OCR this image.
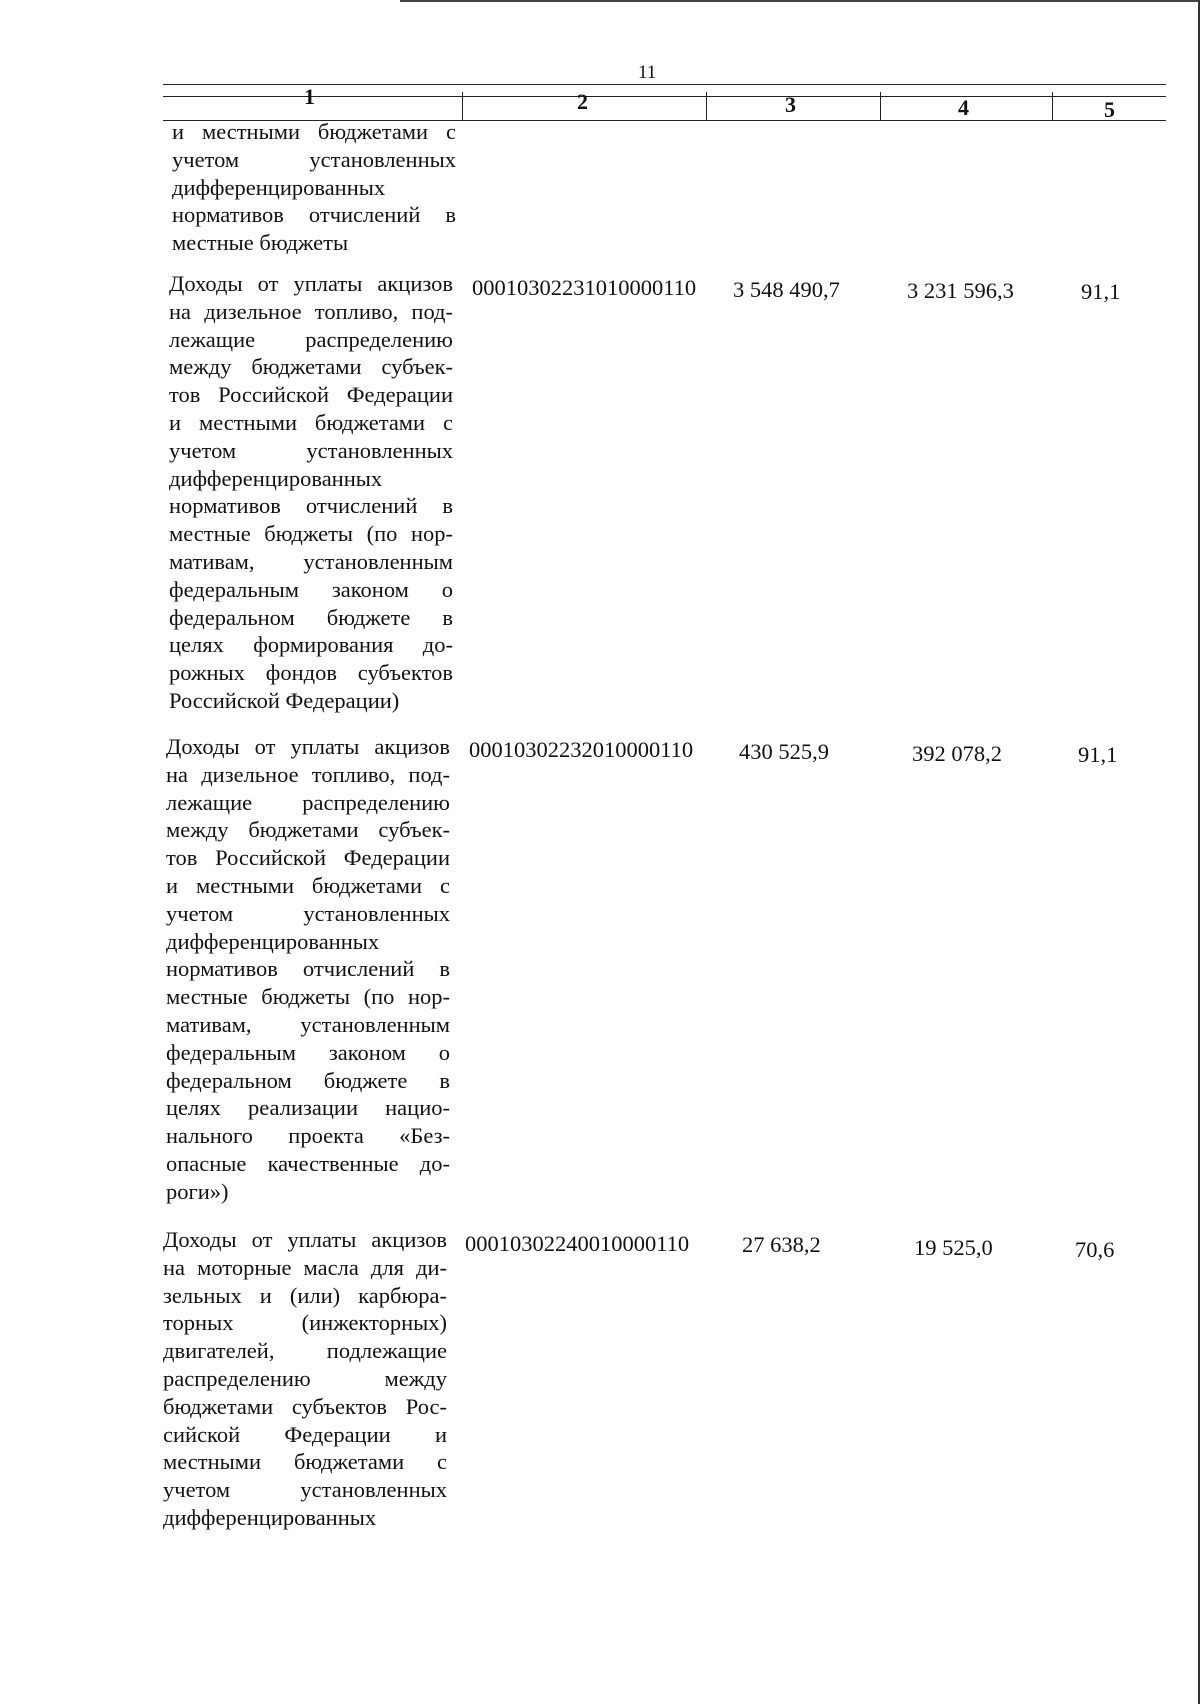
11
1	2	3	4	5
и местными бюджетами с
учетом установленных
дифференцированных
нормативов отчислений в
местные бюджеты
Доходы от уплаты акцизов
на дизельное топливо, под-
лежащие распределению
между бюджетами субъек-
тов Российской Федерации
и местными бюджетами с
учетом установленных
дифференцированных
нормативов отчислений в
местные бюджеты (по нор-
мативам, установленным
федеральным законом о
федеральном бюджете в
целях формирования до-
рожных фондов субъектов
Российской Федерации)
00010302231010000110 3 548 490,7	3 231 596,3	91,1
Доходы от уплаты акцизов
на дизельное топливо, под-
лежащие распределению
между бюджетами субъек-
тов Российской Федерации
и местными бюджетами с
учетом установленных
дифференцированных
нормативов отчислений в
местные бюджеты (по нор-
мативам, установленным
федеральным законом о
федеральном бюджете в
целях реализации нацио-
нального проекта «Без-
опасные качественные до-
роги»)
00010302232010000110 430 525,9	392 078,2	91,1
Доходы от уплаты акцизов
на моторные масла для ди-
зельных и (или) карбюра-
торных (инжекторных)
двигателей, подлежащие
распределению между
бюджетами субъектов Рос-
сийской Федерации и
местными бюджетами с
учетом установленных
дифференцированных
00010302240010000110 27 638,2	19 525,0	70,6
